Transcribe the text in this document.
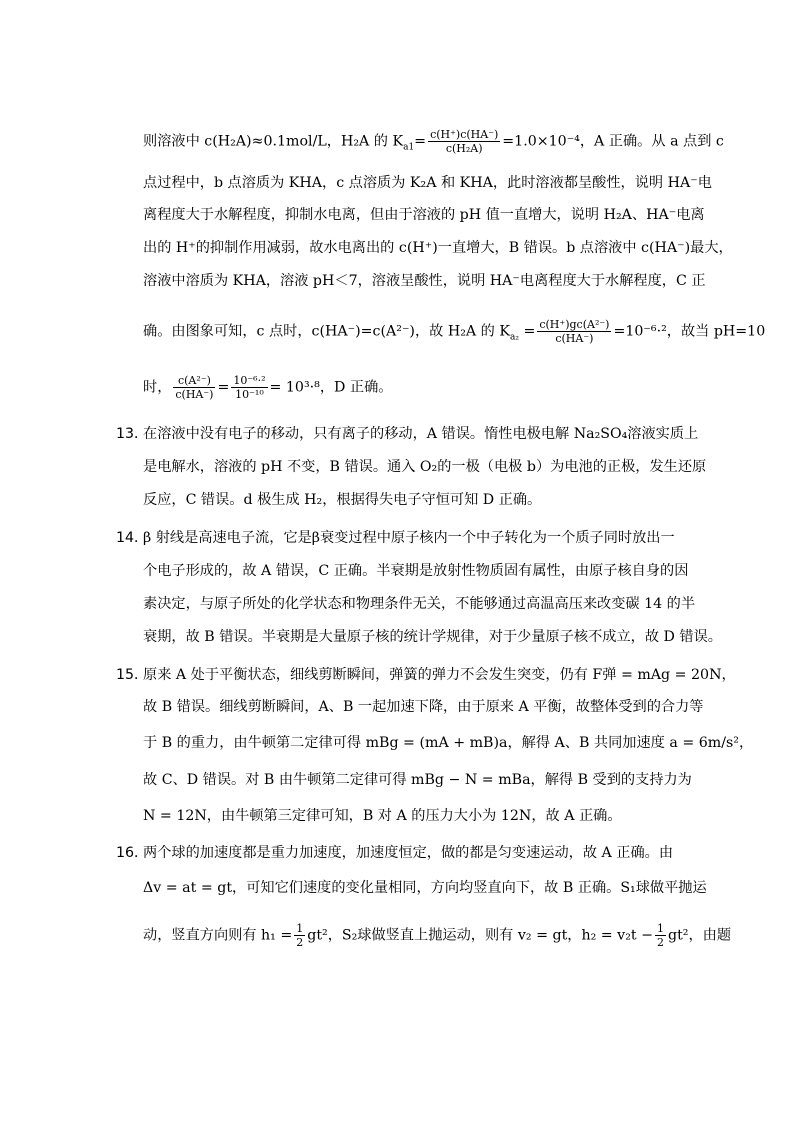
则溶液中 c(H₂A)≈0.1mol/L，H₂A 的 $K_{a1}= \frac{c(H^+)c(HA^-)}{\text{c(H₂A)}} =1.0\times 10^{-4}$，A 正确。从 a 点到 c
点过程中，b 点溶质为 KHA，c 点溶质为 K₂A 和 KHA，此时溶液都呈酸性，说明 HA⁻电
离程度大于水解程度，抑制水电离，但由于溶液的 pH 值一直增大，说明 H₂A、HA⁻电离
出的 H⁺的抑制作用减弱，故水电离出的 c(H⁺)一直增大，B 错误。b 点溶液中 c(HA⁻)最大，
溶液中溶质为 KHA，溶液 pH＜7，溶液呈酸性，说明 HA⁻电离程度大于水解程度，C 正
确。由图象可知，c 点时，c(HA⁻)=c(A²⁻)，故 H₂A 的 $K_{a_2} = \frac{\text{c(H⁺)gc(A²⁻)}}{c(HA^-)} =10^{-6}\cdot^2$，故当 pH=10
时， $\frac{\text{c(A²⁻)}}{c(HA^-)} = \frac{\text{10⁻⁶·²}}{\text{10⁻¹⁰}} = 10^3\cdot^8$，D 正确。
13．
在溶液中没有电子的移动，只有离子的移动，A 错误。惰性电极电解 Na₂SO₄溶液实质上
是电解水，溶液的 pH 不变，B 错误。通入 O₂的一极（电极 b）为电池的正极，发生还原
反应，C 错误。d 极生成 H₂，根据得失电子守恒可知 D 正确。
14．
β 射线是高速电子流，它是β衰变过程中原子核内一个中子转化为一个质子同时放出一
个电子形成的，故 A 错误，C 正确。半衰期是放射性物质固有属性，由原子核自身的因
素决定，与原子所处的化学状态和物理条件无关，不能够通过高温高压来改变碳 14 的半
衰期，故 B 错误。半衰期是大量原子核的统计学规律，对于少量原子核不成立，故 D 错误。
15．
原来 A 处于平衡状态，细线剪断瞬间，弹簧的弹力不会发生突变，仍有 F弹 = mAg = 20N，
故 B 错误。细线剪断瞬间，A、B 一起加速下降，由于原来 A 平衡，故整体受到的合力等
于 B 的重力，由牛顿第二定律可得 mBg = (mA + mB)a，解得 A、B 共同加速度 a = 6m/s²，
故 C、D 错误。对 B 由牛顿第二定律可得 mBg − N = mBa，解得 B 受到的支持力为
N = 12N，由牛顿第三定律可知，B 对 A 的压力大小为 12N，故 A 正确。
16．
两个球的加速度都是重力加速度，加速度恒定，做的都是匀变速运动，故 A 正确。由
Δv = at = gt，可知它们速度的变化量相同，方向均竖直向下，故 B 正确。S₁球做平抛运
动，竖直方向则有 $h_1 = \frac{1}{2} gt^2$，S₂球做竖直上抛运动，则有 v₂ = gt，$h_2 = v_2t - \frac{1}{2} gt^2$，由题
